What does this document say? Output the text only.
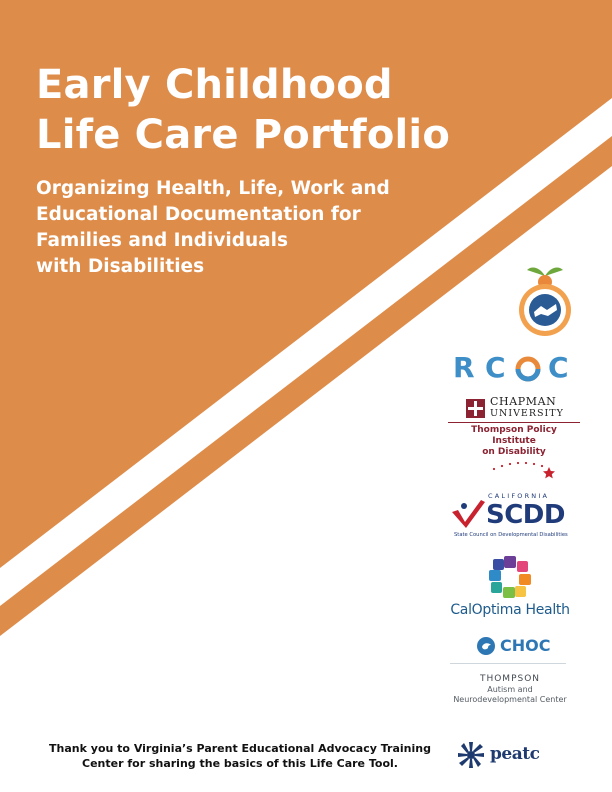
Early Childhood
Life Care Portfolio
Organizing Health, Life, Work and
Educational Documentation for
Families and Individuals
with Disabilities
R C C
CHAPMAN
UNIVERSITY
Thompson Policy Institute
on Disability
CALIFORNIA
SCDD
State Council on Developmental Disabilities
CalOptima Health
CHOC
THOMPSON
Autism and
Neurodevelopmental Center

Thank you to Virginia’s Parent Educational Advocacy Training
Center for sharing the basics of this Life Care Tool.	peatc
